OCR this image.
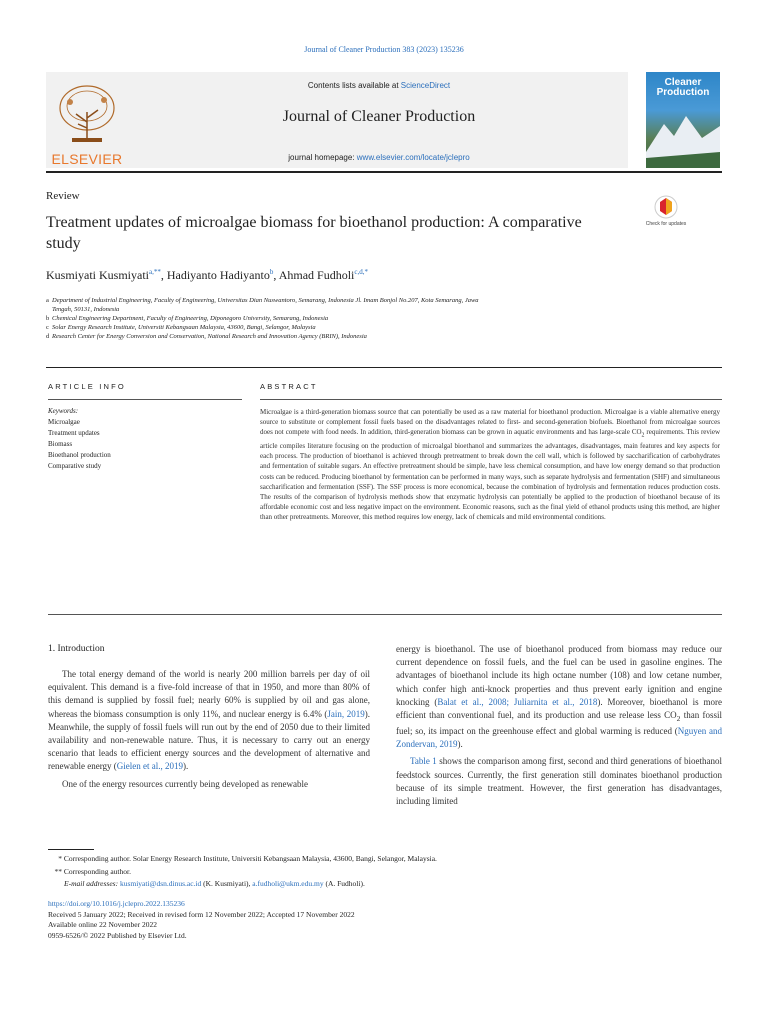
Journal of Cleaner Production 383 (2023) 135236
ELSEVIER
Contents lists available at ScienceDirect
Journal of Cleaner Production
journal homepage: www.elsevier.com/locate/jclepro
Cleaner
Production
Review
Treatment updates of microalgae biomass for bioethanol production: A comparative study
Check for updates
Kusmiyati Kusmiyati$^{a,**}$, Hadiyanto Hadiyanto$^b$, Ahmad Fudholi$^{c,d,*}$
a Department of Industrial Engineering, Faculty of Engineering, Universitas Dian Nuswantoro, Semarang, Indonesia Jl. Imam Bonjol No.207, Kota Semarang, Jawa
Tengah, 50131, Indonesia
b Chemical Engineering Department, Faculty of Engineering, Diponegoro University, Semarang, Indonesia
c Solar Energy Research Institute, Universiti Kebangsaan Malaysia, 43600, Bangi, Selangor, Malaysia
d Research Center for Energy Conversion and Conservation, National Research and Innovation Agency (BRIN), Indonesia
ARTICLE INFO	ABSTRACT
Keywords:
Microalgae
Treatment updates
Biomass
Bioethanol production
Comparative study
Microalgae is a third-generation biomass source that can potentially be used as a raw material for bioethanol production. Microalgae is a viable alternative energy source to substitute or complement fossil fuels based on the disadvantages related to first- and second-generation biofuels. Bioethanol from microalgae sources does not compete with food needs. In addition, third-generation biomass can be grown in aquatic environments and has large-scale $CO_2$ requirements. This review article compiles literature focusing on the production of microalgal bioethanol and summarizes the advantages, disadvantages, main features and key aspects for each process. The production of bioethanol is achieved through pretreatment to break down the cell wall, which is followed by saccharification of carbohydrates and fermentation of suitable sugars. An effective pretreatment should be simple, have less chemical consumption, and have low energy demand so that production costs can be reduced. Producing bioethanol by fermentation can be performed in many ways, such as separate hydrolysis and fermentation (SHF) and simultaneous saccharification and fermentation (SSF). The SSF process is more economical, because the combination of hydrolysis and fermentation reduces production costs. The results of the comparison of hydrolysis methods show that enzymatic hydrolysis can potentially be applied to the production of bioethanol because of its affordable economic cost and less negative impact on the environment. Economic reasons, such as the final yield of ethanol products using this method, are higher than other pretreatments. Moreover, this method requires low energy, lack of chemicals and mild environmental conditions.
1. Introduction

The total energy demand of the world is nearly 200 million barrels per day of oil equivalent. This demand is a five-fold increase of that in 1950, and more than 80% of this demand is supplied by fossil fuel; nearly 60% is supplied by oil and gas alone, whereas the biomass consumption is only 11%, and nuclear energy is 6.4% (Jain, 2019). Meanwhile, the supply of fossil fuels will run out by the end of 2050 due to their limited availability and non-renewable nature. Thus, it is necessary to carry out an energy scenario that leads to efficient energy sources and the development of alternative and renewable energy (Gielen et al., 2019).

One of the energy resources currently being developed as renewable

energy is bioethanol. The use of bioethanol produced from biomass may reduce our current dependence on fossil fuels, and the fuel can be used in gasoline engines. The advantages of bioethanol include its high octane number (108) and low cetane number, which confer high anti-knock properties and thus prevent early ignition and engine knocking (Balat et al., 2008; Juliarnita et al., 2018). Moreover, bioethanol is more efficient than conventional fuel, and its production and use release less $CO_2$ than fossil fuel; so, its impact on the greenhouse effect and global warming is reduced (Nguyen and Zondervan, 2019).

Table 1 shows the comparison among first, second and third generations of bioethanol feedstock sources. Currently, the first generation still dominates bioethanol production because of its simple treatment. However, the first generation has disadvantages, including limited

* Corresponding author. Solar Energy Research Institute, Universiti Kebangsaan Malaysia, 43600, Bangi, Selangor, Malaysia.
** Corresponding author.
E-mail addresses: kusmiyati@dsn.dinus.ac.id (K. Kusmiyati), a.fudholi@ukm.edu.my (A. Fudholi).
https://doi.org/10.1016/j.jclepro.2022.135236
Received 5 January 2022; Received in revised form 12 November 2022; Accepted 17 November 2022
Available online 22 November 2022
0959-6526/© 2022 Published by Elsevier Ltd.
